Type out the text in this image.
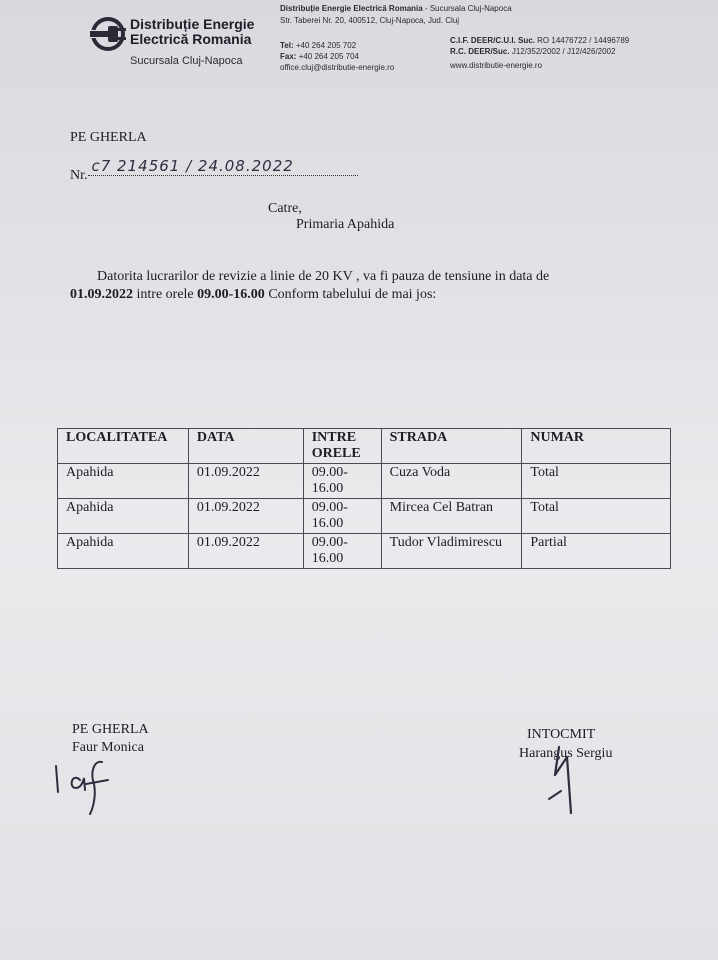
Distribuție Energie
Electrică Romania
Sucursala Cluj-Napoca
Distribuție Energie Electrică Romania - Sucursala Cluj-Napoca
Str. Taberei Nr. 20, 400512, Cluj-Napoca, Jud. Cluj
Tel: +40 264 205 702
Fax: +40 264 205 704
office.cluj@distributie-energie.ro
C.I.F. DEER/C.U.I. Suc. RO 14476722 / 14496789
R.C. DEER/Suc. J12/352/2002 / J12/426/2002
www.distributie-energie.ro
PE GHERLA
Nr.c7 214561 / 24.08.2022
Catre,
Primaria Apahida
Datorita lucrarilor de revizie a linie de 20 KV , va fi pauza de tensiune in data de
01.09.2022 intre orele 09.00-16.00 Conform tabelului de mai jos:
LOCALITATEA	DATA	INTRE ORELE	STRADA	NUMAR
Apahida	01.09.2022	09.00-16.00	Cuza Voda	Total
Apahida	01.09.2022	09.00-16.00	Mircea Cel Batran	Total
Apahida	01.09.2022	09.00-16.00	Tudor Vladimirescu	Partial
PE GHERLA
Faur Monica
INTOCMIT
Harangus Sergiu
